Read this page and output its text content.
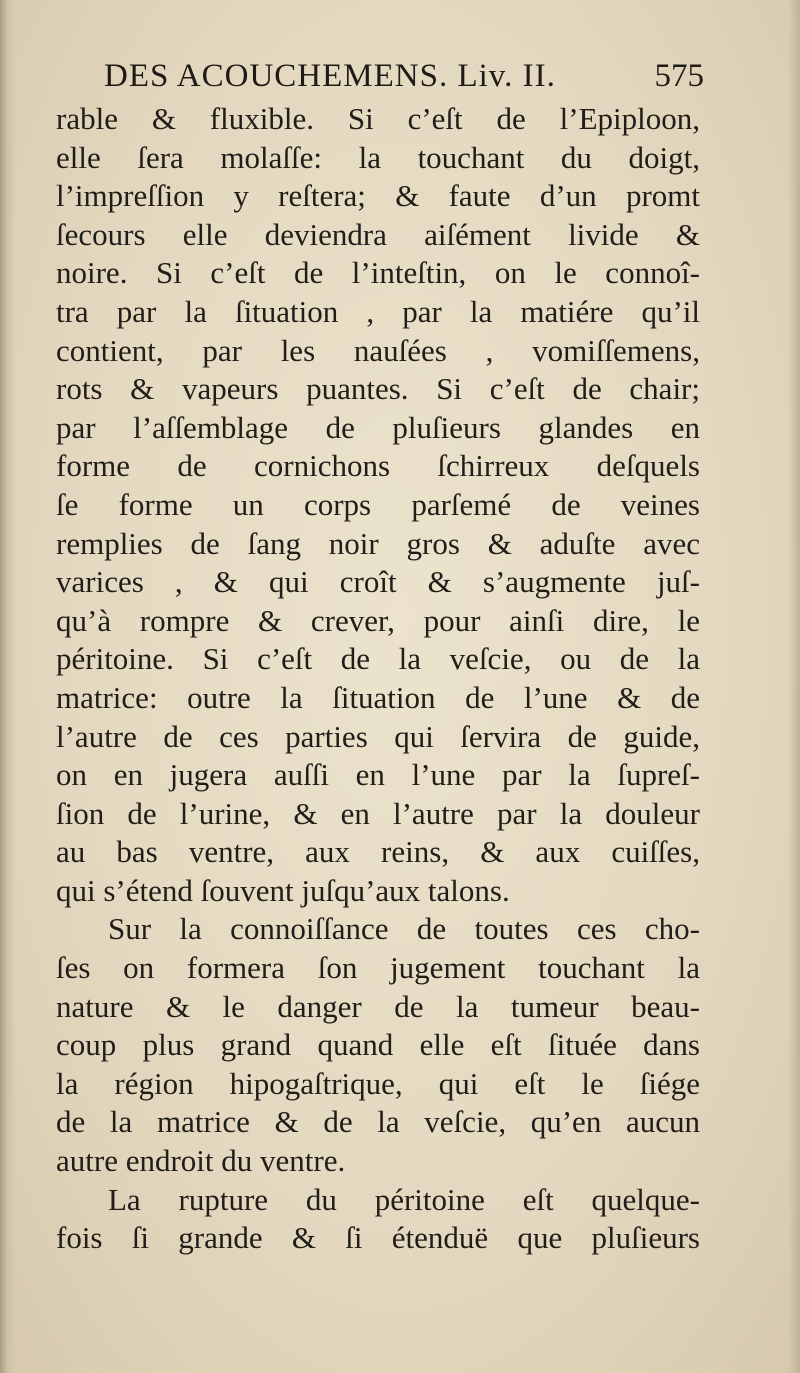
DES ACOUCHEMENS. Liv. II.	575
rable & fluxible. Si c’eſt de l’Epiploon,
elle ſera molaſſe: la touchant du doigt,
l’impreſſion y reſtera; & faute d’un promt
ſecours elle deviendra aiſément livide &
noire. Si c’eſt de l’inteſtin, on le connoî-
tra par la ſituation , par la matiére qu’il
contient, par les nauſées , vomiſſemens,
rots & vapeurs puantes. Si c’eſt de chair;
par l’aſſemblage de pluſieurs glandes en
forme de cornichons ſchirreux deſquels
ſe forme un corps parſemé de veines
remplies de ſang noir gros & aduſte avec
varices , & qui croît & s’augmente juſ-
qu’à rompre & crever, pour ainſi dire, le
péritoine. Si c’eſt de la veſcie, ou de la
matrice: outre la ſituation de l’une & de
l’autre de ces parties qui ſervira de guide,
on en jugera auſſi en l’une par la ſupreſ-
ſion de l’urine, & en l’autre par la douleur
au bas ventre, aux reins, & aux cuiſſes,
qui s’étend ſouvent juſqu’aux talons.
Sur la connoiſſance de toutes ces cho-
ſes on formera ſon jugement touchant la
nature & le danger de la tumeur beau-
coup plus grand quand elle eſt ſituée dans
la région hipogaſtrique, qui eſt le ſiége
de la matrice & de la veſcie, qu’en aucun
autre endroit du ventre.
La rupture du péritoine eſt quelque-
fois ſi grande & ſi étenduë que pluſieurs
